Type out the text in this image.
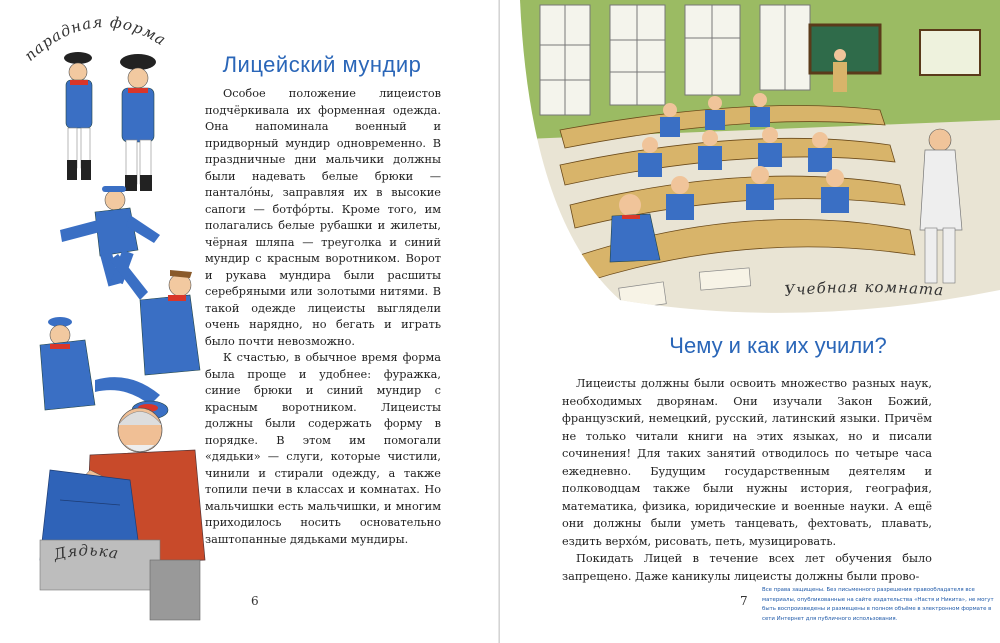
парадная форма
Дядька
Лицейский мундир

Особое положение лицеистов подчёркивала их форменная одежда. Она напоминала военный и придворный мундир одновременно. В праздничные дни мальчики должны были надевать белые брюки — панталóны, заправляя их в высокие сапоги — ботфóрты. Кроме того, им полагались белые рубашки и жилеты, чёрная шляпа — треуголка и синий мундир с красным воротником. Ворот и рукава мундира были расшиты серебряными или золотыми нитями. В такой одежде лицеисты выглядели очень нарядно, но бегать и играть было почти невозможно.

К счастью, в обычное время форма была проще и удобнее: фуражка, синие брюки и синий мундир с красным воротником. Лицеисты должны были содержать форму в порядке. В этом им помогали «дядьки» — слуги, которые чистили, чинили и стирали одежду, а также топили печи в классах и комнатах. Но мальчишки есть мальчишки, и многим приходилось носить основательно заштопанные дядьками мундиры.

6
Учебная комната
Чему и как их учили?

Лицеисты должны были освоить множество разных наук, необходимых дворянам. Они изучали Закон Божий, французский, немецкий, русский, латинский языки. Причём не только читали книги на этих языках, но и писали сочинения! Для таких занятий отводилось по четыре часа ежедневно. Будущим государственным деятелям и полководцам также были нужны история, география, математика, физика, юридические и военные науки. А ещё они должны были уметь танцевать, фехтовать, плавать, ездить верхóм, рисовать, петь, музицировать.

Покидать Лицей в течение всех лет обучения было запрещено. Даже каникулы лицеисты должны были прово-

7
Все права защищены. Без письменного разрешения правообладателя все материалы, опубликованные на сайте издательства «Настя и Никита», не могут быть воспроизведены и размещены в полном объёме в электронном формате в сети Интернет для публичного использования.
